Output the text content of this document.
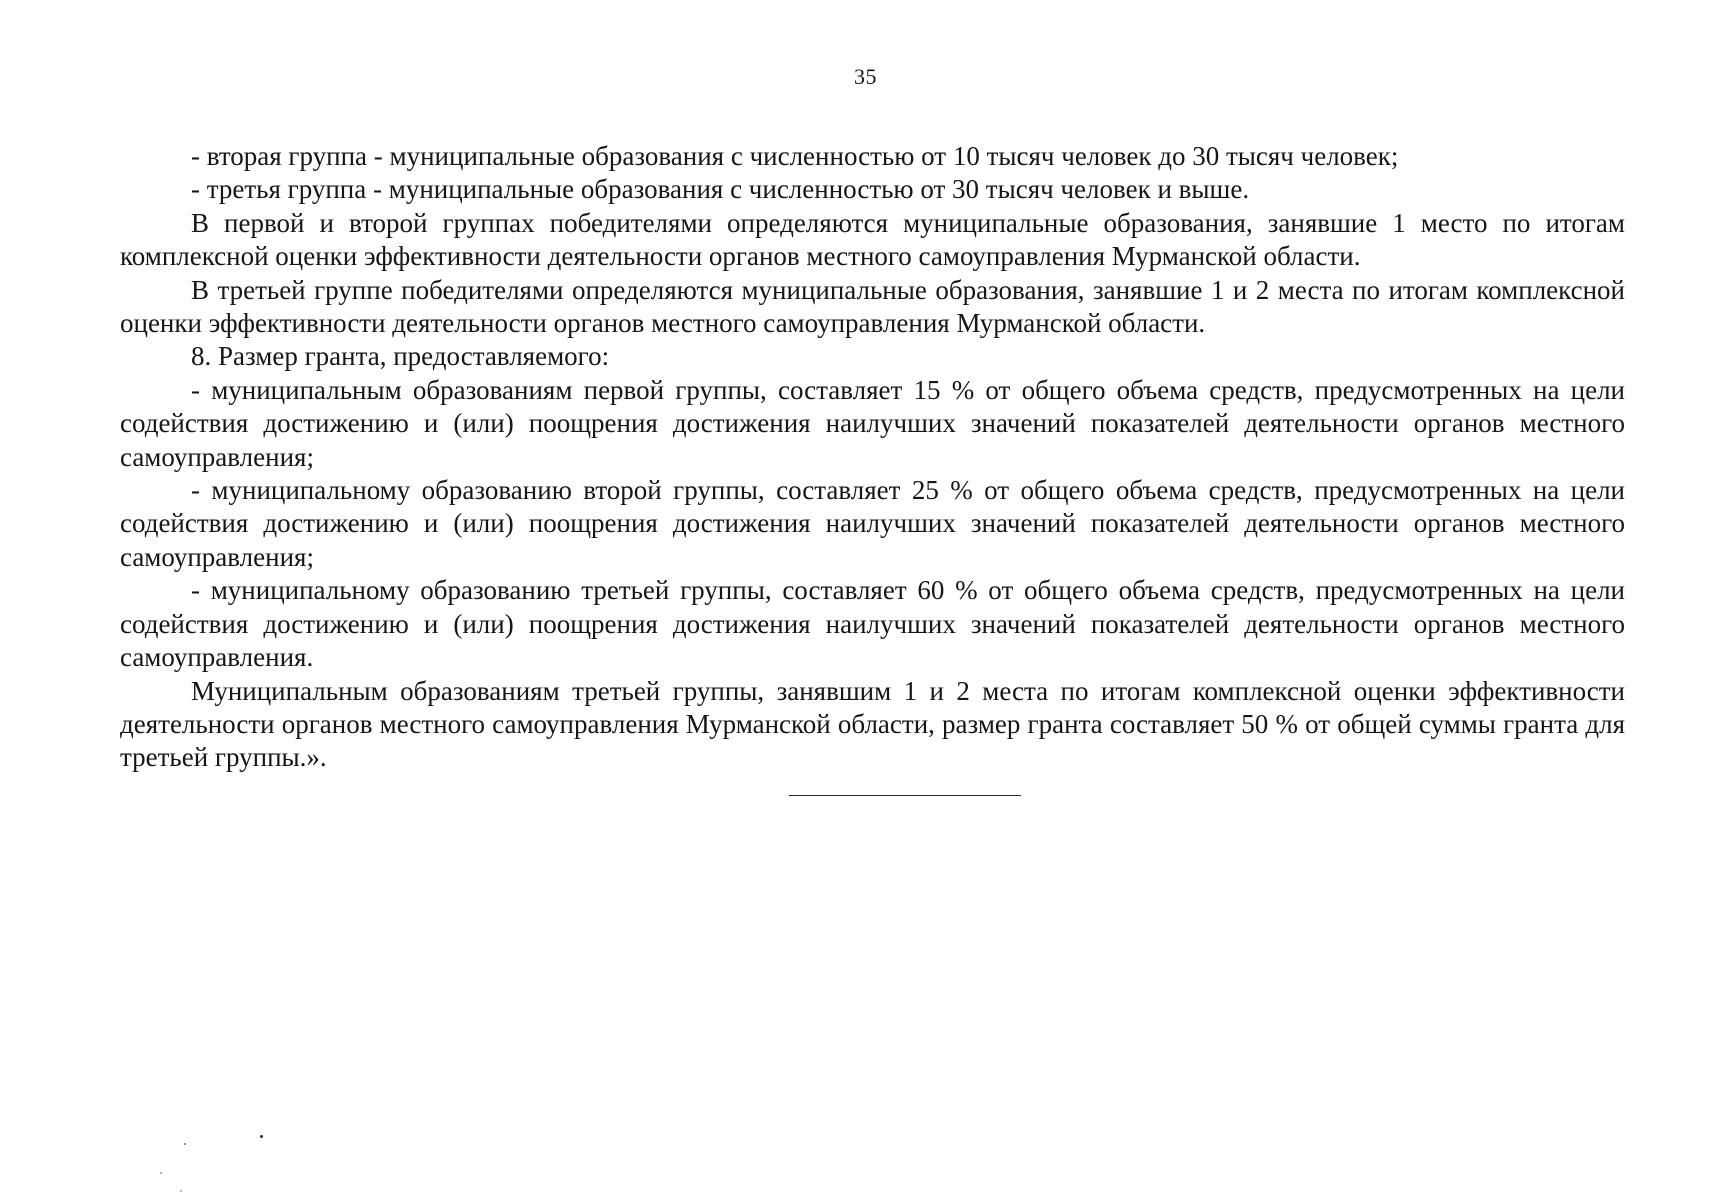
35

- вторая группа - муниципальные образования с численностью от 10 тысяч человек до 30 тысяч человек;

- третья группа - муниципальные образования с численностью от 30 тысяч человек и выше.

В первой и второй группах победителями определяются муниципальные образования, занявшие 1 место по итогам комплексной оценки эффективности деятельности органов местного самоуправления Мурманской области.

В третьей группе победителями определяются муниципальные образования, занявшие 1 и 2 места по итогам комплексной оценки эффективности деятельности органов местного самоуправления Мурманской области.

8. Размер гранта, предоставляемого:

- муниципальным образованиям первой группы, составляет 15 % от общего объема средств, предусмотренных на цели содействия достижению и (или) поощрения достижения наилучших значений показателей деятельности органов местного самоуправления;

- муниципальному образованию второй группы, составляет 25 % от общего объема средств, предусмотренных на цели содействия достижению и (или) поощрения достижения наилучших значений показателей деятельности органов местного самоуправления;

- муниципальному образованию третьей группы, составляет 60 % от общего объема средств, предусмотренных на цели содействия достижению и (или) поощрения достижения наилучших значений показателей деятельности органов местного самоуправления.

Муниципальным образованиям третьей группы, занявшим 1 и 2 места по итогам комплексной оценки эффективности деятельности органов местного самоуправления Мурманской области, размер гранта составляет 50 % от общей суммы гранта для третьей группы.».
